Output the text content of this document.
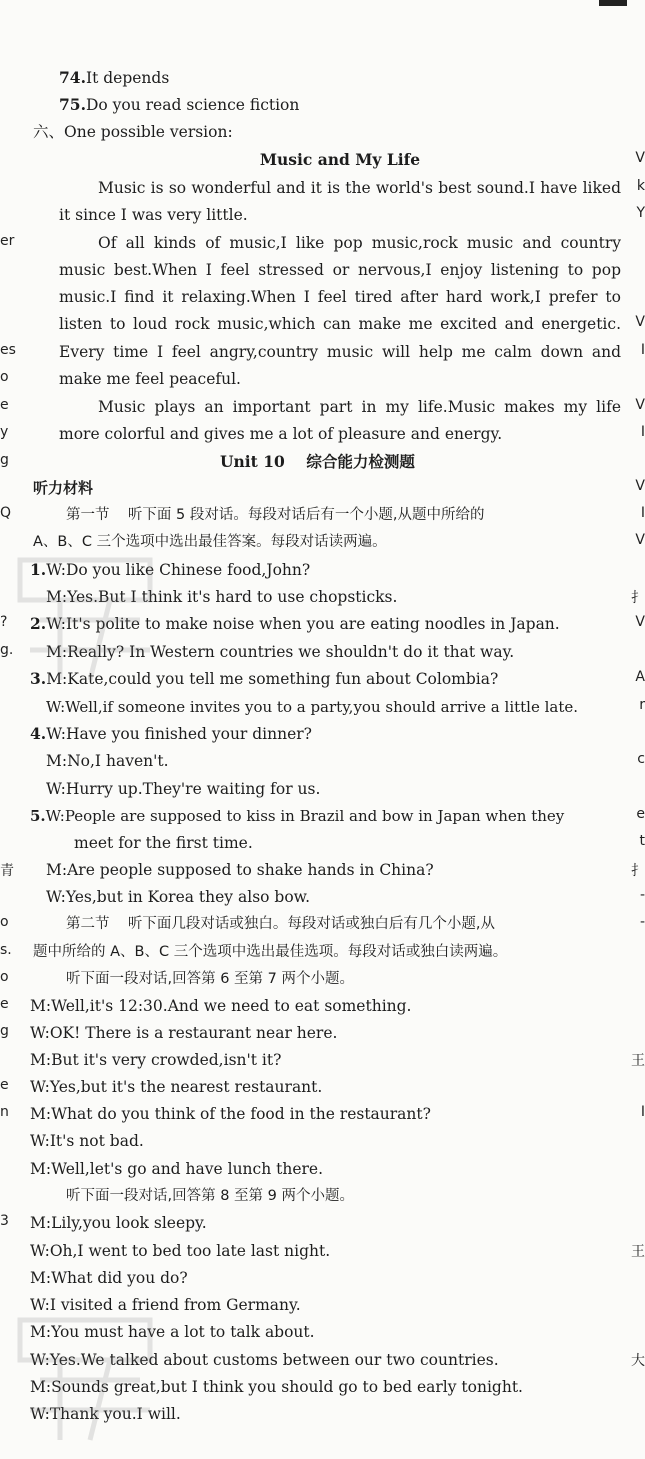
74.It depends
75.Do you read science fiction
六、One possible version:
Music and My Life
Music is so wonderful and it is the world's best sound.I have liked
it since I was very little.
Of all kinds of music,I like pop music,rock music and country
music best.When I feel stressed or nervous,I enjoy listening to pop
music.I find it relaxing.When I feel tired after hard work,I prefer to
listen to loud rock music,which can make me excited and energetic.
Every time I feel angry,country music will help me calm down and
make me feel peaceful.
Music plays an important part in my life.Music makes my life
more colorful and gives me a lot of pleasure and energy.
Unit 10    综合能力检测题
听力材料
第一节    听下面 5 段对话。每段对话后有一个小题,从题中所给的
A、B、C 三个选项中选出最佳答案。每段对话读两遍。
1.W:Do you like Chinese food,John?
M:Yes.But I think it's hard to use chopsticks.
2.W:It's polite to make noise when you are eating noodles in Japan.
M:Really? In Western countries we shouldn't do it that way.
3.M:Kate,could you tell me something fun about Colombia?
W:Well,if someone invites you to a party,you should arrive a little late.
4.W:Have you finished your dinner?
M:No,I haven't.
W:Hurry up.They're waiting for us.
5.W:People are supposed to kiss in Brazil and bow in Japan when they
meet for the first time.
M:Are people supposed to shake hands in China?
W:Yes,but in Korea they also bow.
第二节    听下面几段对话或独白。每段对话或独白后有几个小题,从
题中所给的 A、B、C 三个选项中选出最佳选项。每段对话或独白读两遍。
听下面一段对话,回答第 6 至第 7 两个小题。
M:Well,it's 12:30.And we need to eat something.
W:OK! There is a restaurant near here.
M:But it's very crowded,isn't it?
W:Yes,but it's the nearest restaurant.
M:What do you think of the food in the restaurant?
W:It's not bad.
M:Well,let's go and have lunch there.
听下面一段对话,回答第 8 至第 9 两个小题。
M:Lily,you look sleepy.
W:Oh,I went to bed too late last night.
M:What did you do?
W:I visited a friend from Germany.
M:You must have a lot to talk about.
W:Yes.We talked about customs between our two countries.
M:Sounds great,but I think you should go to bed early tonight.
W:Thank you.I will.
er
es
o
e
y
g
Q
?
g.
青
o
s.
o
e
g
e
n
3
V
k
Y
V
I
V
I
V
I
V
扌
V
A
r
c
e
t
扌
-
-
王
I
王
大
